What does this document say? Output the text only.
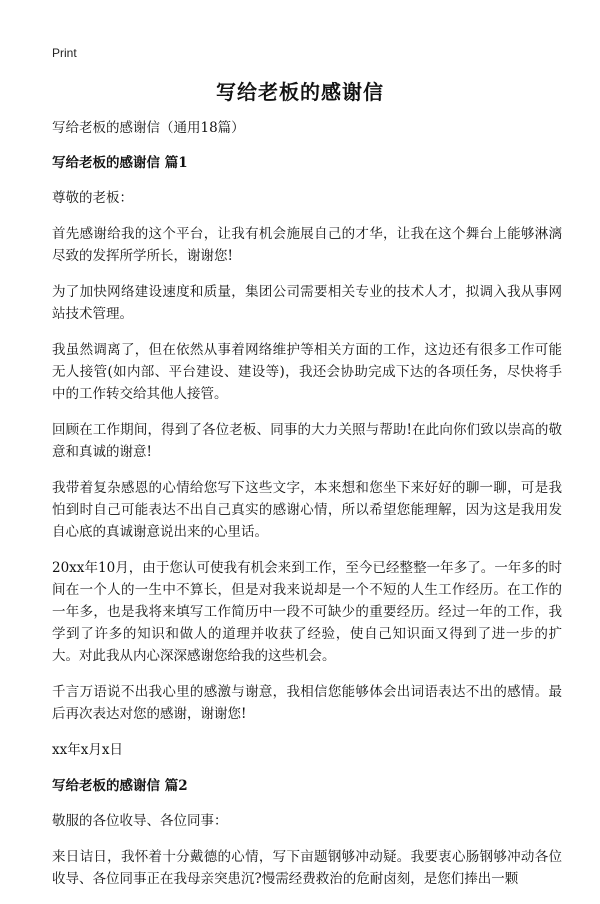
Print
写给老板的感谢信

写给老板的感谢信（通用18篇）

写给老板的感谢信 篇1

尊敬的老板：

首先感谢给我的这个平台，让我有机会施展自己的才华，让我在这个舞台上能够淋漓尽致的发挥所学所长，谢谢您!

为了加快网络建设速度和质量，集团公司需要相关专业的技术人才，拟调入我从事网站技术管理。

我虽然调离了，但在依然从事着网络维护等相关方面的工作，这边还有很多工作可能无人接管(如内部、平台建设、建设等)，我还会协助完成下达的各项任务，尽快将手中的工作转交给其他人接管。

回顾在工作期间，得到了各位老板、同事的大力关照与帮助!在此向你们致以崇高的敬意和真诚的谢意!

我带着复杂感恩的心情给您写下这些文字，本来想和您坐下来好好的聊一聊，可是我怕到时自己可能表达不出自己真实的感谢心情，所以希望您能理解，因为这是我用发自心底的真诚谢意说出来的心里话。

20xx年10月，由于您认可使我有机会来到工作，至今已经整整一年多了。一年多的时间在一个人的一生中不算长，但是对我来说却是一个不短的人生工作经历。在工作的一年多，也是我将来填写工作简历中一段不可缺少的重要经历。经过一年的工作，我学到了许多的知识和做人的道理并收获了经验，使自己知识面又得到了进一步的扩大。对此我从内心深深感谢您给我的这些机会。

千言万语说不出我心里的感激与谢意，我相信您能够体会出词语表达不出的感情。最后再次表达对您的感谢，谢谢您!

xx年x月x日

写给老板的感谢信 篇2

敬服的各位收导、各位同事：

来日诘日，我怀着十分戴德的心情，写下亩题钢够冲动疑。我要衷心肠钢够冲动各位收导、各位同事正在我母亲突患沉?慢需经费救治的危耐卤刻，是您们捧出一颗
